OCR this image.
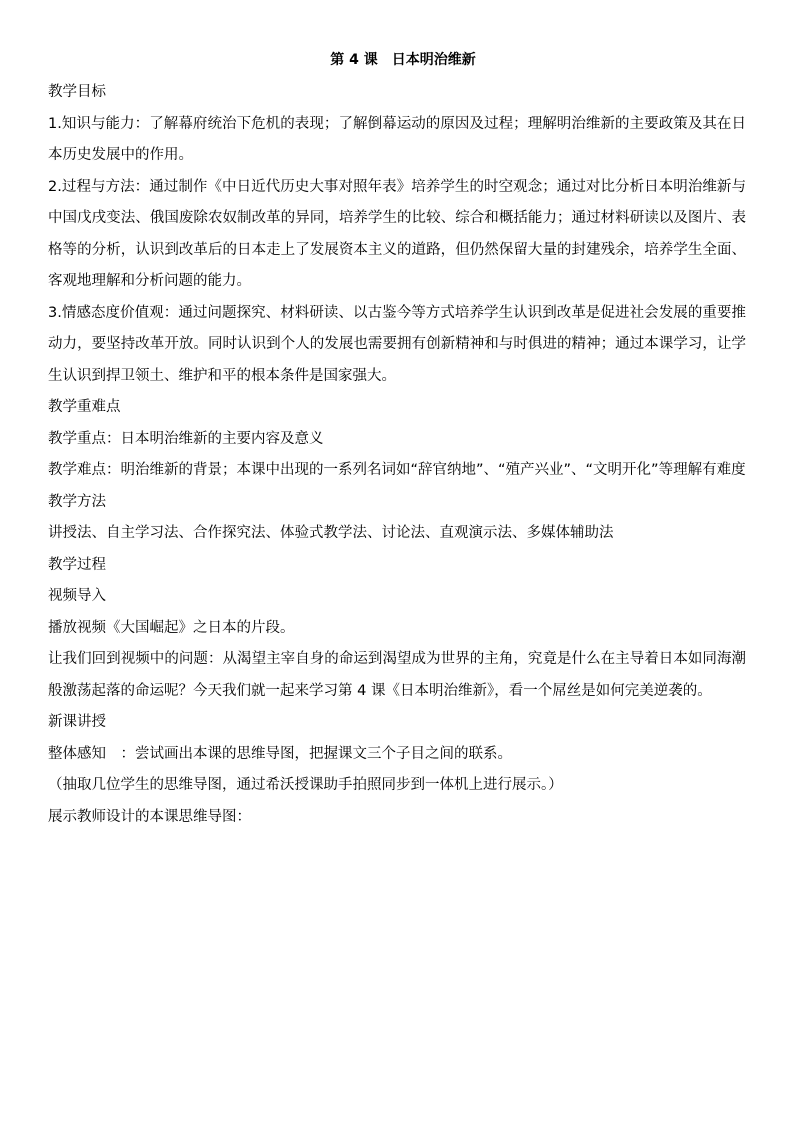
第 4 课　日本明治维新

教学目标

1.知识与能力：了解幕府统治下危机的表现；了解倒幕运动的原因及过程；理解明治维新的主要政策及其在日本历史发展中的作用。

2.过程与方法：通过制作《中日近代历史大事对照年表》培养学生的时空观念；通过对比分析日本明治维新与中国戊戌变法、俄国废除农奴制改革的异同，培养学生的比较、综合和概括能力；通过材料研读以及图片、表格等的分析，认识到改革后的日本走上了发展资本主义的道路，但仍然保留大量的封建残余，培养学生全面、客观地理解和分析问题的能力。

3.情感态度价值观：通过问题探究、材料研读、以古鉴今等方式培养学生认识到改革是促进社会发展的重要推动力，要坚持改革开放。同时认识到个人的发展也需要拥有创新精神和与时俱进的精神；通过本课学习，让学生认识到捍卫领土、维护和平的根本条件是国家强大。

教学重难点

教学重点：日本明治维新的主要内容及意义

教学难点：明治维新的背景；本课中出现的一系列名词如“辞官纳地”、“殖产兴业”、“文明开化”等理解有难度

教学方法

讲授法、自主学习法、合作探究法、体验式教学法、讨论法、直观演示法、多媒体辅助法

教学过程

视频导入

播放视频《大国崛起》之日本的片段。

让我们回到视频中的问题：从渴望主宰自身的命运到渴望成为世界的主角，究竟是什么在主导着日本如同海潮般激荡起落的命运呢？今天我们就一起来学习第 4 课《日本明治维新》，看一个屌丝是如何完美逆袭的。

新课讲授

整体感知　：尝试画出本课的思维导图，把握课文三个子目之间的联系。

（抽取几位学生的思维导图，通过希沃授课助手拍照同步到一体机上进行展示。）

展示教师设计的本课思维导图：
